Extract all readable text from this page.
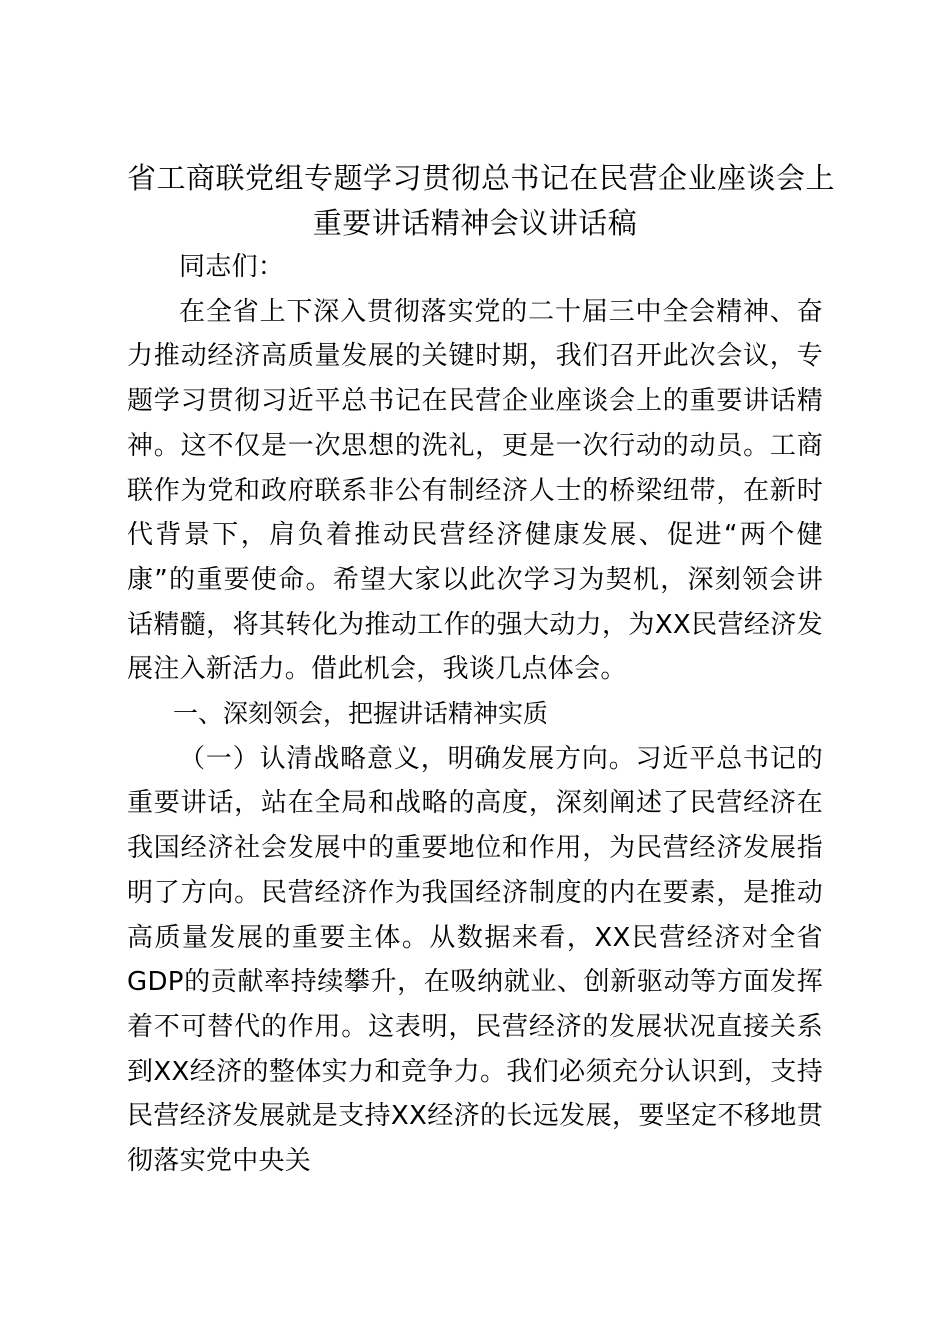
省工商联党组专题学习贯彻总书记在民营企业座谈会上
重要讲话精神会议讲话稿

同志们：

在全省上下深入贯彻落实党的二十届三中全会精神、奋力推动经济高质量发展的关键时期，我们召开此次会议，专题学习贯彻习近平总书记在民营企业座谈会上的重要讲话精神。这不仅是一次思想的洗礼，更是一次行动的动员。工商联作为党和政府联系非公有制经济人士的桥梁纽带，在新时代背景下，肩负着推动民营经济健康发展、促进“两个健康”的重要使命。希望大家以此次学习为契机，深刻领会讲话精髓，将其转化为推动工作的强大动力，为XX民营经济发展注入新活力。借此机会，我谈几点体会。

一、深刻领会，把握讲话精神实质

（一）认清战略意义，明确发展方向。习近平总书记的重要讲话，站在全局和战略的高度，深刻阐述了民营经济在我国经济社会发展中的重要地位和作用，为民营经济发展指明了方向。民营经济作为我国经济制度的内在要素，是推动高质量发展的重要主体。从数据来看，XX民营经济对全省GDP的贡献率持续攀升，在吸纳就业、创新驱动等方面发挥着不可替代的作用。这表明，民营经济的发展状况直接关系到XX经济的整体实力和竞争力。我们必须充分认识到，支持民营经济发展就是支持XX经济的长远发展，要坚定不移地贯彻落实党中央关
